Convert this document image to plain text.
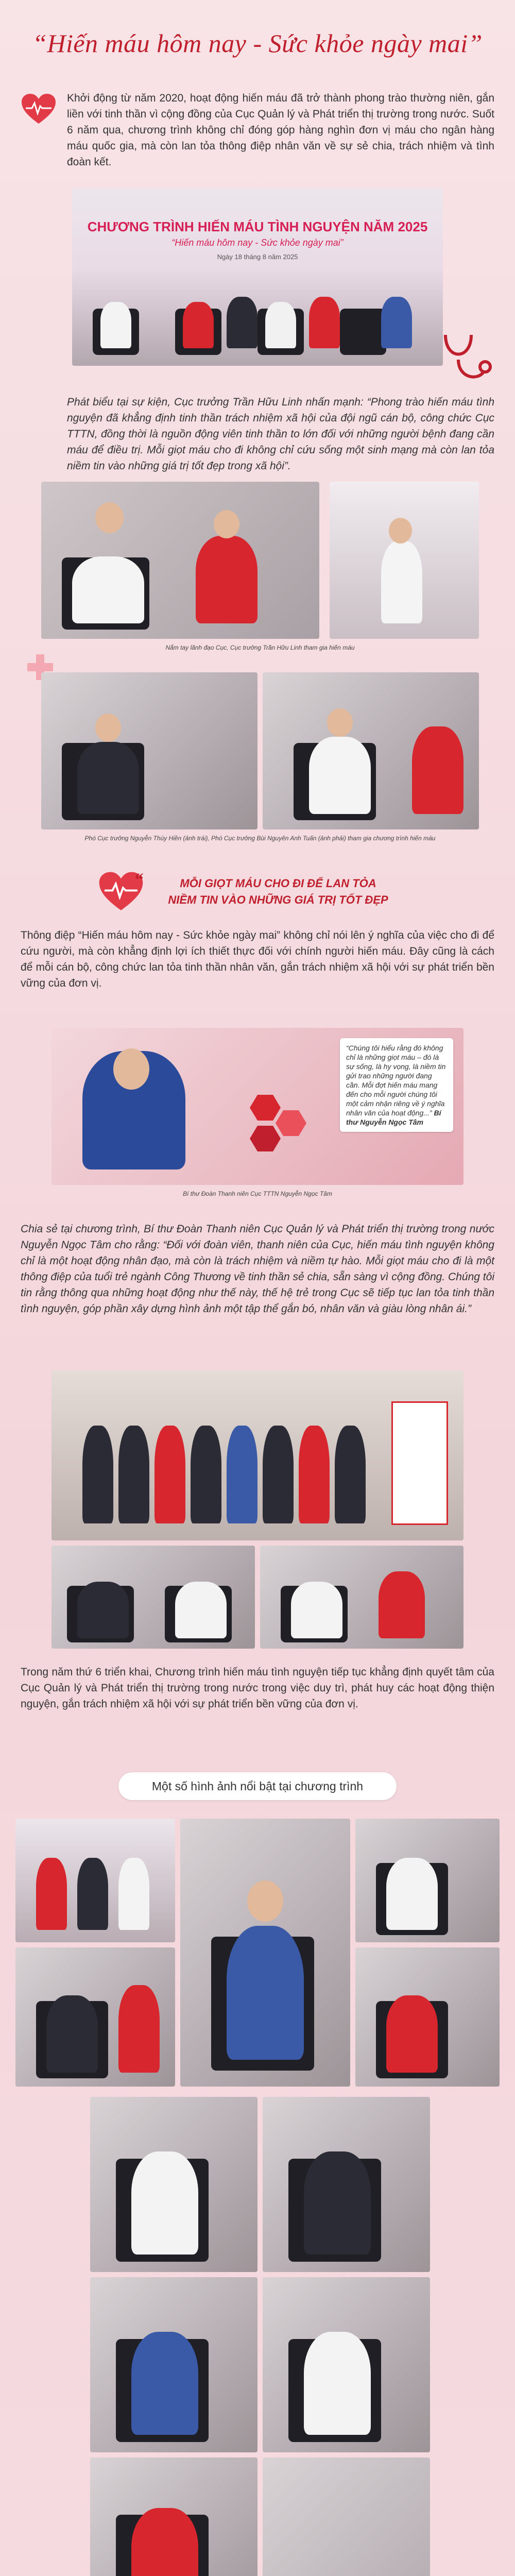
“Hiến máu hôm nay - Sức khỏe ngày mai”
Khởi động từ năm 2020, hoạt động hiến máu đã trở thành phong trào thường niên, gắn liền với tinh thần vì cộng đồng của Cục Quản lý và Phát triển thị trường trong nước. Suốt 6 năm qua, chương trình không chỉ đóng góp hàng nghìn đơn vị máu cho ngân hàng máu quốc gia, mà còn lan tỏa thông điệp nhân văn về sự sẻ chia, trách nhiệm và tình đoàn kết.
CHƯƠNG TRÌNH HIẾN MÁU TÌNH NGUYỆN NĂM 2025
“Hiến máu hôm nay - Sức khỏe ngày mai”
Ngày 18 tháng 8 năm 2025
Phát biểu tại sự kiện, Cục trưởng Trần Hữu Linh nhấn mạnh: “Phong trào hiến máu tình nguyện đã khẳng định tinh thần trách nhiệm xã hội của đội ngũ cán bộ, công chức Cục TTTN, đồng thời là nguồn động viên tinh thần to lớn đối với những người bệnh đang cần máu để điều trị. Mỗi giọt máu cho đi không chỉ cứu sống một sinh mạng mà còn lan tỏa niềm tin vào những giá trị tốt đẹp trong xã hội”.
Nắm tay lãnh đạo Cục, Cục trưởng Trần Hữu Linh tham gia hiến máu
Phó Cục trưởng Nguyễn Thúy Hiền (ảnh trái), Phó Cục trưởng Bùi Nguyên Anh Tuấn (ảnh phải) tham gia chương trình hiến máu
“	MỖI GIỌT MÁU CHO ĐI ĐỂ LAN TỎA
NIỀM TIN VÀO NHỮNG GIÁ TRỊ TỐT ĐẸP
Thông điệp “Hiến máu hôm nay - Sức khỏe ngày mai” không chỉ nói lên ý nghĩa của việc cho đi để cứu người, mà còn khẳng định lợi ích thiết thực đối với chính người hiến máu. Đây cũng là cách để mỗi cán bộ, công chức lan tỏa tinh thần nhân văn, gắn trách nhiệm xã hội với sự phát triển bền vững của đơn vị.
“Chúng tôi hiểu rằng đó không chỉ là những giọt máu – đó là sự sống, là hy vọng, là niềm tin gửi trao những người đang cần. Mỗi đợt hiến máu mang đến cho mỗi người chúng tôi một cảm nhận riêng về ý nghĩa nhân văn của hoạt động...” Bí thư Nguyễn Ngọc Tâm
Bí thư Đoàn Thanh niên Cục TTTN Nguyễn Ngọc Tâm
Chia sẻ tại chương trình, Bí thư Đoàn Thanh niên Cục Quản lý và Phát triển thị trường trong nước Nguyễn Ngọc Tâm cho rằng: “Đối với đoàn viên, thanh niên của Cục, hiến máu tình nguyện không chỉ là một hoạt động nhân đạo, mà còn là trách nhiệm và niềm tự hào. Mỗi giọt máu cho đi là một thông điệp của tuổi trẻ ngành Công Thương về tinh thần sẻ chia, sẵn sàng vì cộng đồng. Chúng tôi tin rằng thông qua những hoạt động như thế này, thế hệ trẻ trong Cục sẽ tiếp tục lan tỏa tinh thần tình nguyện, góp phần xây dựng hình ảnh một tập thể gắn bó, nhân văn và giàu lòng nhân ái.”
Trong năm thứ 6 triển khai, Chương trình hiến máu tình nguyện tiếp tục khẳng định quyết tâm của Cục Quản lý và Phát triển thị trường trong nước trong việc duy trì, phát huy các hoạt động thiện nguyện, gắn trách nhiệm xã hội với sự phát triển bền vững của đơn vị.
Một số hình ảnh nổi bật tại chương trình
